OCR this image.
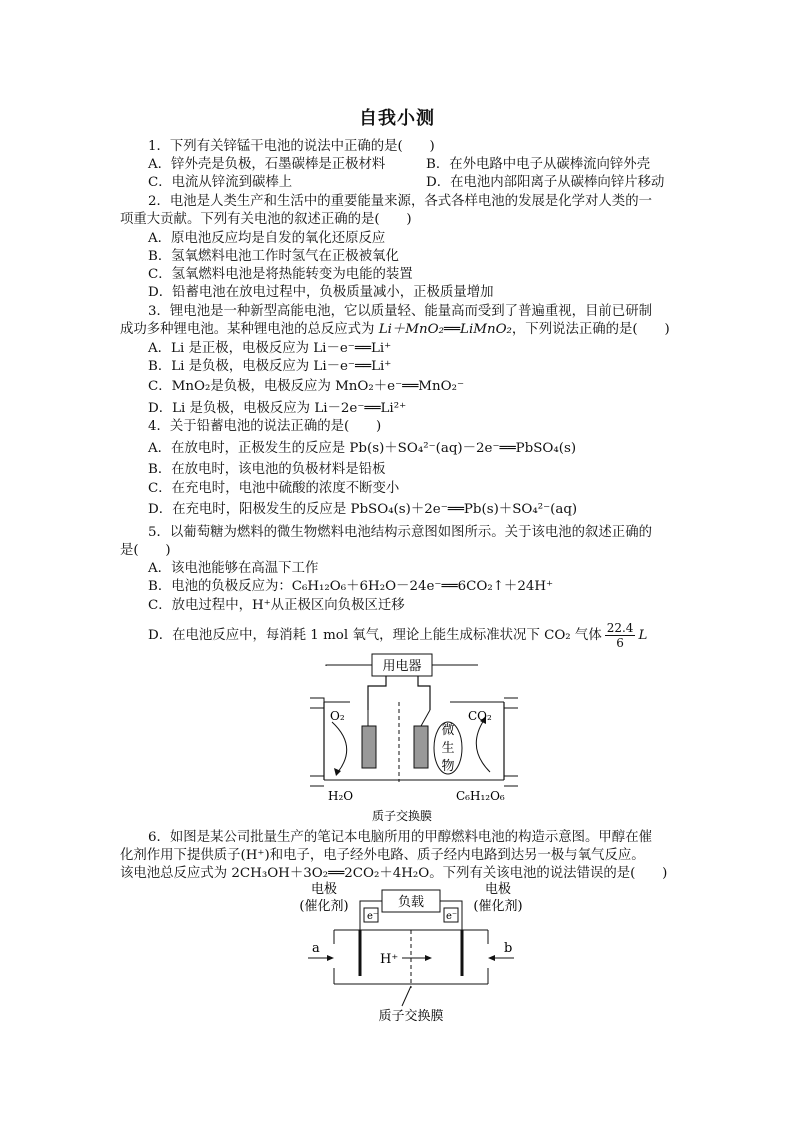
自我小测
1．下列有关锌锰干电池的说法中正确的是(　　)
A．锌外壳是负极，石墨碳棒是正极材料	B．在外电路中电子从碳棒流向锌外壳
C．电流从锌流到碳棒上	D．在电池内部阳离子从碳棒向锌片移动
2．电池是人类生产和生活中的重要能量来源，各式各样电池的发展是化学对人类的一
项重大贡献。下列有关电池的叙述正确的是(　　)
A．原电池反应均是自发的氧化还原反应
B．氢氧燃料电池工作时氢气在正极被氧化
C．氢氧燃料电池是将热能转变为电能的装置
D．铅蓄电池在放电过程中，负极质量减小，正极质量增加
3．锂电池是一种新型高能电池，它以质量轻、能量高而受到了普遍重视，目前已研制
成功多种锂电池。某种锂电池的总反应式为 Li＋MnO₂══LiMnO₂，下列说法正确的是(　　)
A．Li 是正极，电极反应为 Li－e⁻══Li⁺
B．Li 是负极，电极反应为 Li－e⁻══Li⁺
C．MnO₂是负极，电极反应为 MnO₂＋e⁻══MnO₂⁻
D．Li 是负极，电极反应为 Li－2e⁻══Li²⁺
4．关于铅蓄电池的说法正确的是(　　)
A．在放电时，正极发生的反应是 Pb(s)＋SO₄²⁻(aq)－2e⁻══PbSO₄(s)
B．在放电时，该电池的负极材料是铅板
C．在充电时，电池中硫酸的浓度不断变小
D．在充电时，阳极发生的反应是 PbSO₄(s)＋2e⁻══Pb(s)＋SO₄²⁻(aq)
5．以葡萄糖为燃料的微生物燃料电池结构示意图如图所示。关于该电池的叙述正确的
是(　　)
A．该电池能够在高温下工作
B．电池的负极反应为：C₆H₁₂O₆＋6H₂O－24e⁻══6CO₂↑＋24H⁺
C．放电过程中，H⁺从正极区向负极区迁移
D．在电池反应中，每消耗 1 mol 氧气，理论上能生成标准状况下 CO₂ 气体 $\frac{22.4}{6}$ L
用电器
微
生
物
O₂	CO₂
H₂O	C₆H₁₂O₆
质子交换膜
6．如图是某公司批量生产的笔记本电脑所用的甲醇燃料电池的构造示意图。甲醇在催
化剂作用下提供质子(H⁺)和电子，电子经外电路、质子经内电路到达另一极与氧气反应。
该电池总反应式为 2CH₃OH＋3O₂══2CO₂＋4H₂O。下列有关该电池的说法错误的是(　　)
电极
(催化剂)
电极
(催化剂)
负载
e⁻	e⁻
a	b
H⁺
质子交换膜
